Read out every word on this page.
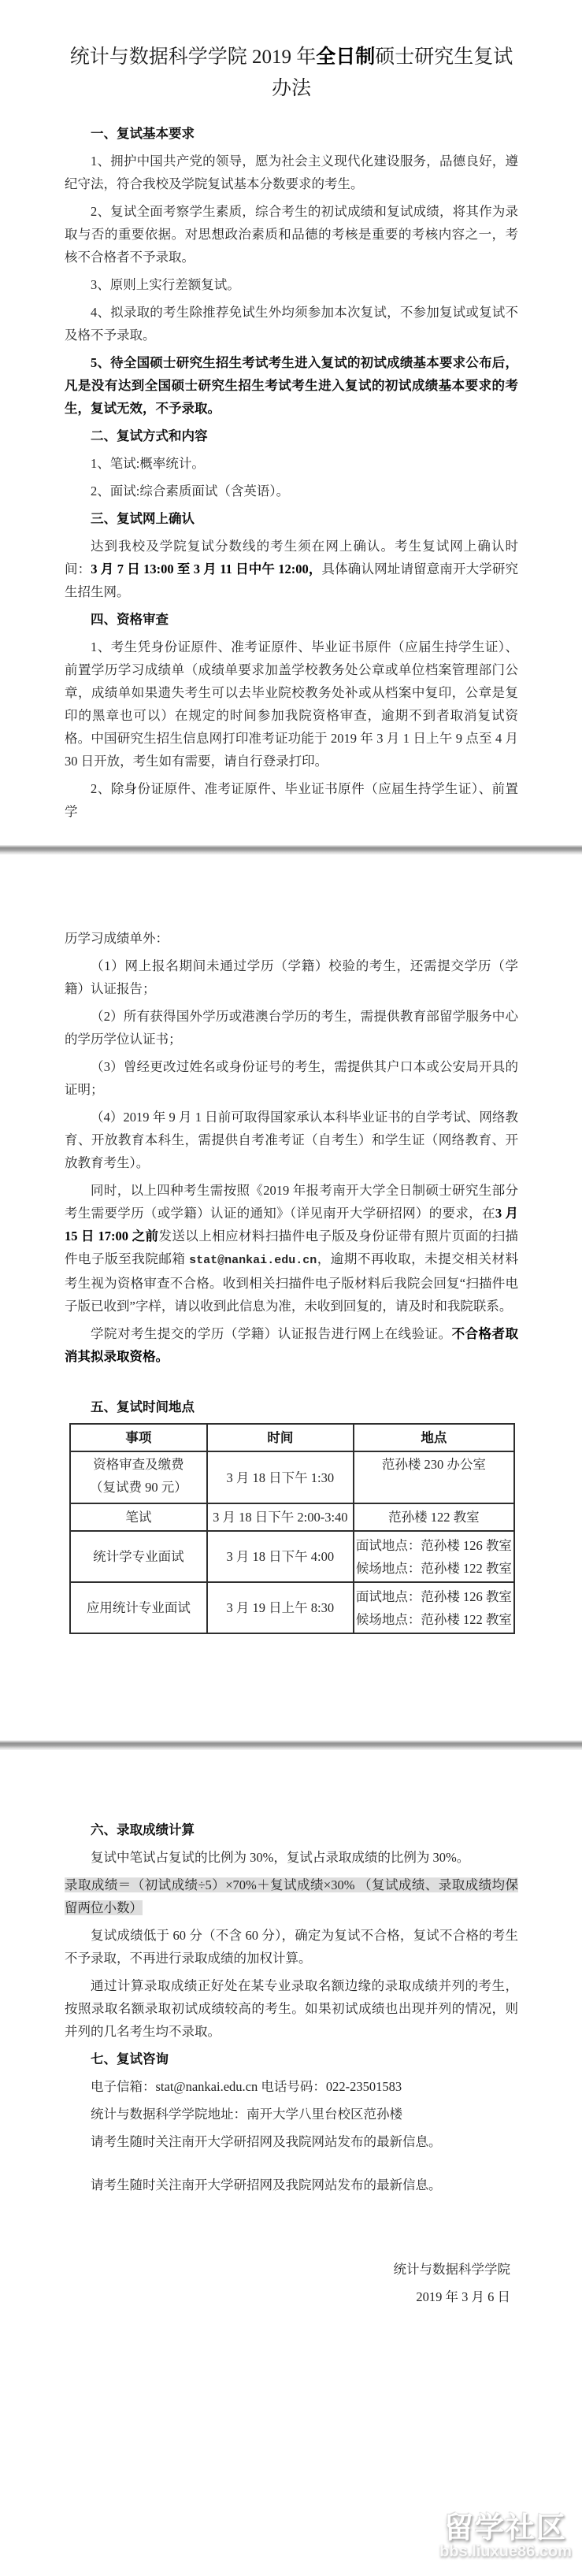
统计与数据科学学院 2019 年全日制硕士研究生复试办法

一、复试基本要求

1、拥护中国共产党的领导，愿为社会主义现代化建设服务，品德良好，遵纪守法，符合我校及学院复试基本分数要求的考生。

2、复试全面考察学生素质，综合考生的初试成绩和复试成绩，将其作为录取与否的重要依据。对思想政治素质和品德的考核是重要的考核内容之一，考核不合格者不予录取。

3、原则上实行差额复试。

4、拟录取的考生除推荐免试生外均须参加本次复试，不参加复试或复试不及格不予录取。

5、待全国硕士研究生招生考试考生进入复试的初试成绩基本要求公布后，凡是没有达到全国硕士研究生招生考试考生进入复试的初试成绩基本要求的考生，复试无效，不予录取。

二、复试方式和内容

1、笔试:概率统计。

2、面试:综合素质面试（含英语）。

三、复试网上确认

达到我校及学院复试分数线的考生须在网上确认。考生复试网上确认时间：3 月 7 日 13:00 至 3 月 11 日中午 12:00，具体确认网址请留意南开大学研究生招生网。

四、资格审查

1、考生凭身份证原件、准考证原件、毕业证书原件（应届生持学生证）、前置学历学习成绩单（成绩单要求加盖学校教务处公章或单位档案管理部门公章，成绩单如果遗失考生可以去毕业院校教务处补或从档案中复印，公章是复印的黑章也可以）在规定的时间参加我院资格审查，逾期不到者取消复试资格。中国研究生招生信息网打印准考证功能于 2019 年 3 月 1 日上午 9 点至 4 月 30 日开放，考生如有需要，请自行登录打印。

2、除身份证原件、准考证原件、毕业证书原件（应届生持学生证）、前置学

历学习成绩单外：

（1）网上报名期间未通过学历（学籍）校验的考生，还需提交学历（学籍）认证报告；

（2）所有获得国外学历或港澳台学历的考生，需提供教育部留学服务中心的学历学位认证书；

（3）曾经更改过姓名或身份证号的考生，需提供其户口本或公安局开具的证明；

（4）2019 年 9 月 1 日前可取得国家承认本科毕业证书的自学考试、网络教育、开放教育本科生，需提供自考准考证（自考生）和学生证（网络教育、开放教育考生）。

同时，以上四种考生需按照《2019 年报考南开大学全日制硕士研究生部分考生需要学历（或学籍）认证的通知》（详见南开大学研招网）的要求，在3 月 15 日 17:00 之前发送以上相应材料扫描件电子版及身份证带有照片页面的扫描件电子版至我院邮箱 stat@nankai.edu.cn，逾期不再收取，未提交相关材料考生视为资格审查不合格。收到相关扫描件电子版材料后我院会回复“扫描件电子版已收到”字样，请以收到此信息为准，未收到回复的，请及时和我院联系。

学院对考生提交的学历（学籍）认证报告进行网上在线验证。不合格者取消其拟录取资格。

五、复试时间地点

事项	时间	地点

资格审查及缴费
（复试费 90 元）	3 月 18 日下午 1:30	范孙楼 230 办公室
笔试	3 月 18 日下午 2:00-3:40	范孙楼 122 教室
统计学专业面试	3 月 18 日下午 4:00	面试地点：范孙楼 126 教室
候场地点：范孙楼 122 教室

应用统计专业面试	3 月 19 日上午 8:30	面试地点：范孙楼 126 教室
候场地点：范孙楼 122 教室

六、录取成绩计算

复试中笔试占复试的比例为 30%，复试占录取成绩的比例为 30%。

录取成绩＝（初试成绩÷5）×70%＋复试成绩×30% （复试成绩、录取成绩均保留两位小数）

复试成绩低于 60 分（不含 60 分），确定为复试不合格，复试不合格的考生不予录取，不再进行录取成绩的加权计算。

通过计算录取成绩正好处在某专业录取名额边缘的录取成绩并列的考生，按照录取名额录取初试成绩较高的考生。如果初试成绩也出现并列的情况，则并列的几名考生均不录取。

七、复试咨询

电子信箱：stat@nankai.edu.cn 电话号码：022-23501583

统计与数据科学学院地址：南开大学八里台校区范孙楼

请考生随时关注南开大学研招网及我院网站发布的最新信息。

请考生随时关注南开大学研招网及我院网站发布的最新信息。

统计与数据科学学院

2019 年 3 月 6 日

留学社区
bbs.liuxue86.com
